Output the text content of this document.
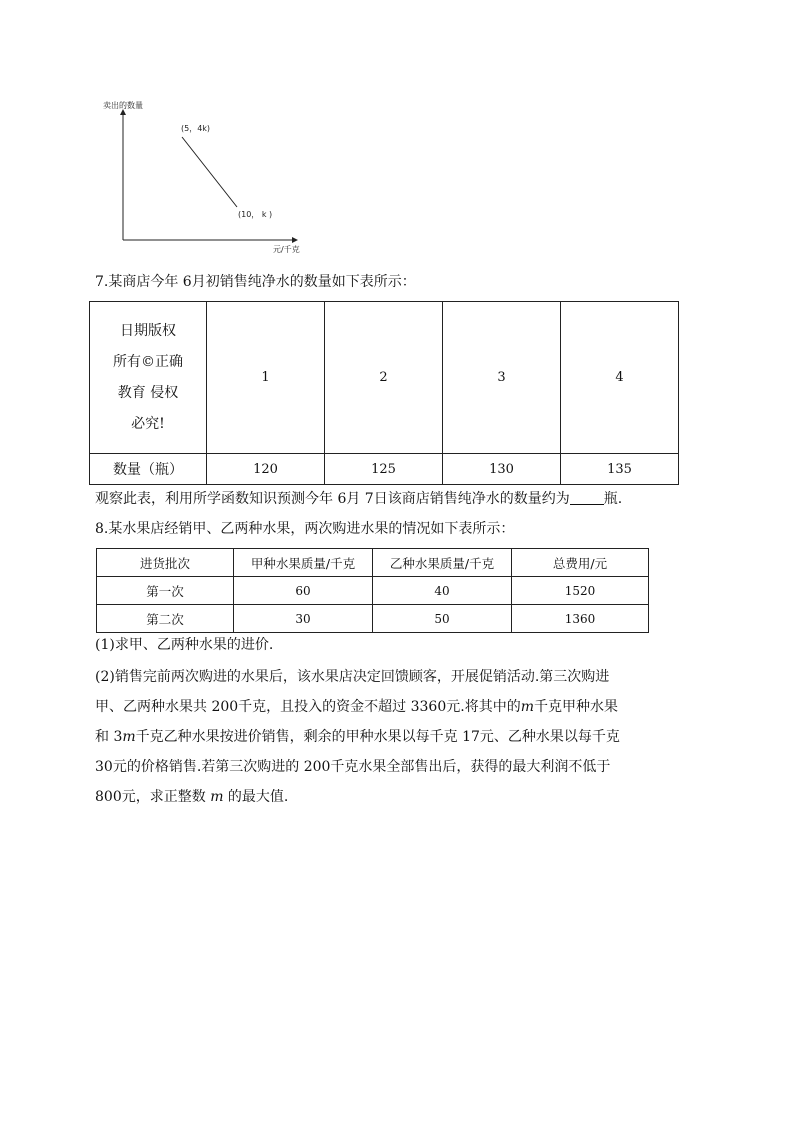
卖出的数量
元/千克
(5，4k)
(10， k )
7.某商店今年 6月初销售纯净水的数量如下表所示：
日期版权
所有©正确
教育 侵权
必究!	1	2	3	4
数量（瓶）	120	125	130	135
观察此表，利用所学函数知识预测今年 6月 7日该商店销售纯净水的数量约为 瓶.
8.某水果店经销甲、乙两种水果，两次购进水果的情况如下表所示：
进货批次	甲种水果质量/千克	乙种水果质量/千克	总费用/元
第一次	60	40	1520
第二次	30	50	1360
(1)求甲、乙两种水果的进价.
(2)销售完前两次购进的水果后，该水果店决定回馈顾客，开展促销活动.第三次购进
甲、乙两种水果共 200千克，且投入的资金不超过 3360元.将其中的m千克甲种水果
和 3m千克乙种水果按进价销售，剩余的甲种水果以每千克 17元、乙种水果以每千克
30元的价格销售.若第三次购进的 200千克水果全部售出后，获得的最大利润不低于
800元，求正整数 m 的最大值.
